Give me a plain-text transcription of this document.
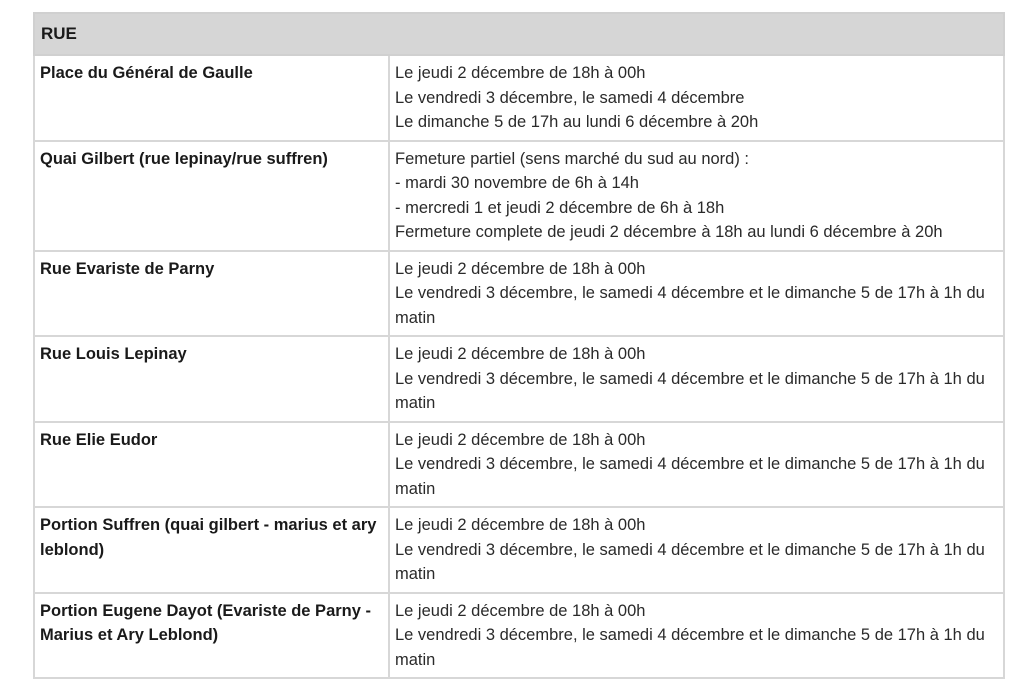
RUE	
Place du Général de Gaulle	Le jeudi 2 décembre de 18h à 00h
Le vendredi 3 décembre, le samedi 4 décembre
Le dimanche 5 de 17h au lundi 6 décembre à 20h

Quai Gilbert (rue lepinay/rue suffren)	Femeture partiel (sens marché du sud au nord) :
- mardi 30 novembre de 6h à 14h
- mercredi 1 et jeudi 2 décembre de 6h à 18h
Fermeture complete de jeudi 2 décembre à 18h au lundi 6 décembre à 20h

Rue Evariste de Parny	Le jeudi 2 décembre de 18h à 00h
Le vendredi 3 décembre, le samedi 4 décembre et le dimanche 5 de 17h à 1h du matin

Rue Louis Lepinay	Le jeudi 2 décembre de 18h à 00h
Le vendredi 3 décembre, le samedi 4 décembre et le dimanche 5 de 17h à 1h du matin

Rue Elie Eudor	Le jeudi 2 décembre de 18h à 00h
Le vendredi 3 décembre, le samedi 4 décembre et le dimanche 5 de 17h à 1h du matin

Portion Suffren (quai gilbert - marius et ary leblond)	Le jeudi 2 décembre de 18h à 00h
Le vendredi 3 décembre, le samedi 4 décembre et le dimanche 5 de 17h à 1h du matin

Portion Eugene Dayot (Evariste de Parny - Marius et Ary Leblond)	Le jeudi 2 décembre de 18h à 00h
Le vendredi 3 décembre, le samedi 4 décembre et le dimanche 5 de 17h à 1h du matin
